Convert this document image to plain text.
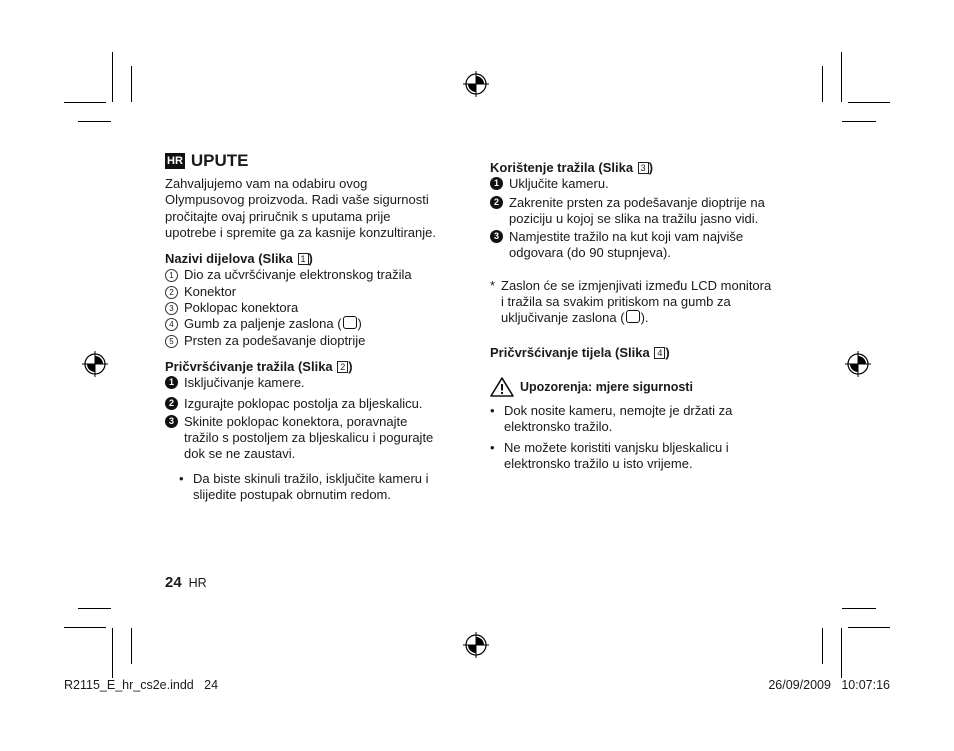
HR UPUTE
Zahvaljujemo vam na odabiru ovog
Olympusovog proizvoda. Radi vaše sigurnosti
pročitajte ovaj priručnik s uputama prije
upotrebe i spremite ga za kasnije konzultiranje.
Nazivi dijelova (Slika 1 )
1 Dio za učvršćivanje elektronskog tražila
2 Konektor
3 Poklopac konektora
4 Gumb za paljenje zaslona ( )
5 Prsten za podešavanje dioptrije
Pričvršćivanje tražila (Slika 2 )
1 Isključivanje kamere.
2 Izgurajte poklopac postolja za bljeskalicu.
3 Skinite poklopac konektora, poravnajte
tražilo s postoljem za bljeskalicu i pogurajte
dok se ne zaustavi.
• Da biste skinuli tražilo, isključite kameru i
slijedite postupak obrnutim redom.
Korištenje tražila (Slika 3 )
1 Uključite kameru.
2 Zakrenite prsten za podešavanje dioptrije na
poziciju u kojoj se slika na tražilu jasno vidi.
3 Namjestite tražilo na kut koji vam najviše
odgovara (do 90 stupnjeva).
* Zaslon će se izmjenjivati između LCD monitora
i tražila sa svakim pritiskom na gumb za
uključivanje zaslona ( ).
Pričvršćivanje tijela (Slika 4 )
Upozorenja: mjere sigurnosti
• Dok nosite kameru, nemojte je držati za
elektronsko tražilo.
• Ne možete koristiti vanjsku bljeskalicu i
elektronsko tražilo u isto vrijeme.
24 HR
R2115_E_hr_cs2e.indd   24	26/09/2009   10:07:16
